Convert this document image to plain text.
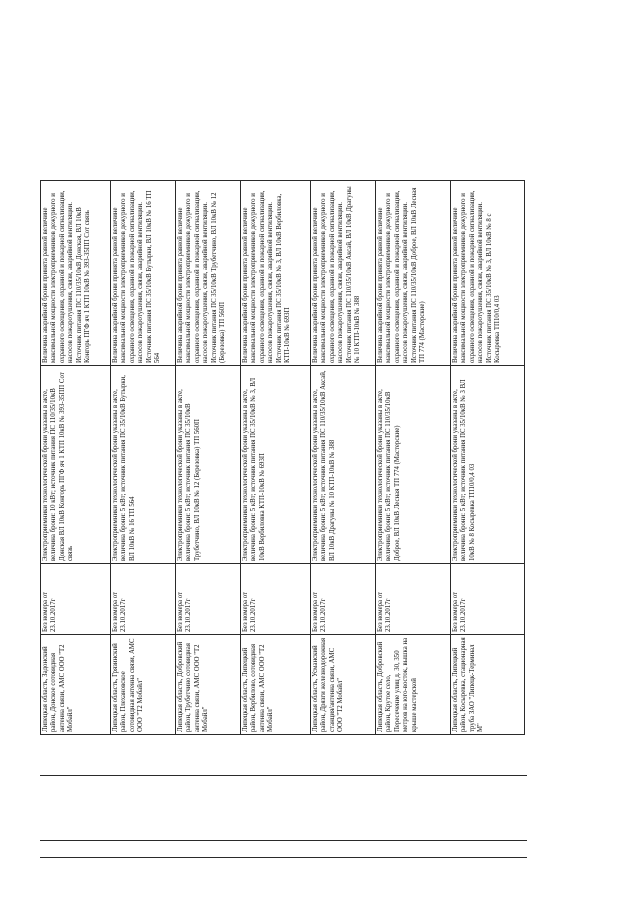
Липецкая область, Задонский район, Донское сотовидная антенна связи, АМС ООО "Т2 Мобайл"
Без номера от 23.10.2017г
Электроприемники технологической брони указаны в акте, величина брони: 10 кВт; источник питания ПС 110/35/10кВ Донская ВЛ 10кВ Конгорь ПГФ яч 1 КТП 10кВ № 393-35ПП Сот связь
Величина аварийной брони принята равной величине максимальной мощности электроприемников дежурного и охранного освещения, охранной и пожарной сигнализации, насосов пожаротушения, связи, аварийной вентиляции. Источник питания ПС 110/35/10кВ Донская, ВЛ 10кВ Конгорь ПГФ яч 1 КТП 10кВ № 393-35ПП Сот связь
Липецкая область, Грязинский район, Плехановское сотовидная антенна связи, АМС ООО "Т2 Мобайл"
Без номера от 23.10.2017г
Электроприемники технологической брони указаны в акте, величина брони: 5 кВт; источник питания ПС 35/10кВ Бутырки, ВЛ 10кВ № 16 ТП 564
Величина аварийной брони принята равной величине максимальной мощности электроприемников дежурного и охранного освещения, охранной и пожарной сигнализации, насосов пожаротушения, связи, аварийной вентиляции. Источник питания ПС 35/10кВ Бутырки, ВЛ 10кВ № 16 ТП 564
Липецкая область, Добровский район, Трубетчино сотовидная антенна связи, АМС ООО "Т2 Мобайл"
Без номера от 23.10.2017г
Электроприемники технологической брони указаны в акте, величина брони: 5 кВт; источник питания ПС 35/10кВ Трубетчино, ВЛ 10кВ № 12 (Березовка) ТП 560П
Величина аварийной брони принята равной величине максимальной мощности электроприемников дежурного и охранного освещения, охранной и пожарной сигнализации, насосов пожаротушения, связи, аварийной вентиляции. Источник питания ПС 35/10кВ Трубетчино, ВЛ 10кВ № 12 (Березовка) ТП 560П
Липецкая область, Липецкий район, Вербилово, сотовидная антенна связи, АМС ООО "Т2 Мобайл"
Без номера от 23.10.2017г
Электроприемники технологической брони указаны в акте, величина брони: 5 кВт; источник питания ПС 35/10кВ № 3, ВЛ 10кВ Вербиловка КТП-10кВ № 693П
Величина аварийной брони принята равной величине максимальной мощности электроприемников дежурного и охранного освещения, охранной и пожарной сигнализации, насосов пожаротушения, связи, аварийной вентиляции. Источник питания ПС 35/10кВ № 3, ВЛ 10кВ Вербиловка, КТП-10кВ № 693П
Липецкая область, Усманский район, Дрязги железнодорожная станция/антенна связи, АМС ООО "Т2 Мобайл"
Без номера от 23.10.2017г
Электроприемники технологической брони указаны в акте, величина брони: 5 кВт; источник питания ПС 110/35/10кВ Аксай, ВЛ 10кВ Драгуны № 10 КТП-10кВ № 388
Величина аварийной брони принята равной величине максимальной мощности электроприемников дежурного и охранного освещения, охранной и пожарной сигнализации, насосов пожаротушения, связи, аварийной вентиляции. Источник питания ПС 110/35/10кВ Аксай, ВЛ 10кВ Драгуны № 10 КТП-10кВ № 388
Липецкая область, Добровский район, Крутое село, Пересечение улиц д. 30, 350 метров на юго-восток, вышка на крыше мастерской
Без номера от 23.10.2017г
Электроприемники технологической брони указаны в акте, величина брони: 5 кВт; источник питания ПС 110/35/10кВ Доброе, ВЛ 10кВ Лесная ТП 774 (Мастерские)
Величина аварийной брони принята равной величине максимальной мощности электроприемников дежурного и охранного освещения, охранной и пожарной сигнализации, насосов пожаротушения, связи, аварийной вентиляции. Источник питания ПС 110/35/10кВ Доброе, ВЛ 10кВ Лесная ТП 774 (Мастерские)
Липецкая область, Липецкий район, Косыревка, стационарная труба ЗАО "Липецк-Терминал М"
Без номера от 23.10.2017г
Электроприемники технологической брони указаны в акте, величина брони: 5 кВт; источник питания ПС 35/10кВ № 3 ВЛ 10кВ № 8 Косыревка ТП10/0,4 03
Величина аварийной брони принята равной величине максимальной мощности электроприемников дежурного и охранного освещения, охранной и пожарной сигнализации, насосов пожаротушения, связи, аварийной вентиляции. Источник питания ПС 35/10кВ № 3, ВЛ 10кВ № 8 с Косыревка ТП10/0,4 03
